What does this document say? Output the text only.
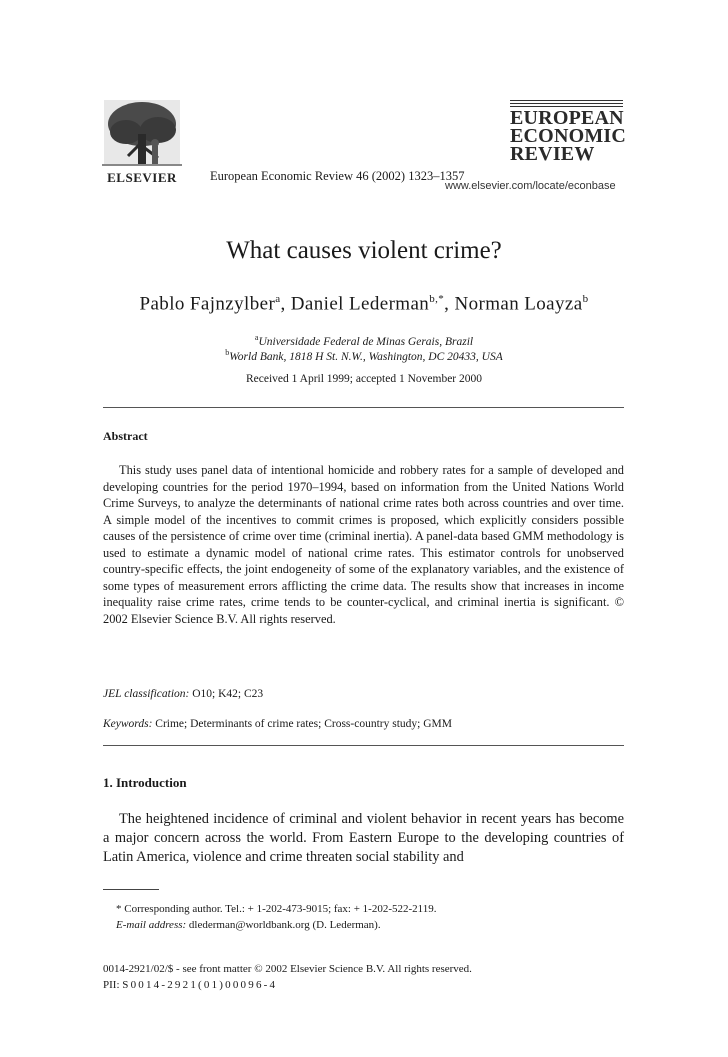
ELSEVIER	European Economic Review 46 (2002) 1323–1357
EUROPEAN
ECONOMIC
REVIEW
www.elsevier.com/locate/econbase
What causes violent crime?
Pablo Fajnzylber$^a$, Daniel Lederman$^{b,*}$, Norman Loayza$^b$
$^a$Universidade Federal de Minas Gerais, Brazil
$^b$World Bank, 1818 H St. N.W., Washington, DC 20433, USA
Received 1 April 1999; accepted 1 November 2000
Abstract
This study uses panel data of intentional homicide and robbery rates for a sample of developed and developing countries for the period 1970–1994, based on information from the United Nations World Crime Surveys, to analyze the determinants of national crime rates both across countries and over time. A simple model of the incentives to commit crimes is proposed, which explicitly considers possible causes of the persistence of crime over time (criminal inertia). A panel-data based GMM methodology is used to estimate a dynamic model of national crime rates. This estimator controls for unobserved country-specific effects, the joint endogeneity of some of the explanatory variables, and the existence of some types of measurement errors afflicting the crime data. The results show that increases in income inequality raise crime rates, crime tends to be counter-cyclical, and criminal inertia is significant. © 2002 Elsevier Science B.V. All rights reserved.
JEL classification: O10; K42; C23
Keywords: Crime; Determinants of crime rates; Cross-country study; GMM
1. Introduction
The heightened incidence of criminal and violent behavior in recent years has become a major concern across the world. From Eastern Europe to the developing countries of Latin America, violence and crime threaten social stability and
* Corresponding author. Tel.: + 1-202-473-9015; fax: + 1-202-522-2119.
E-mail address: dlederman@worldbank.org (D. Lederman).
0014-2921/02/$ - see front matter © 2002 Elsevier Science B.V. All rights reserved.
PII: S0014-2921(01)00096-4
